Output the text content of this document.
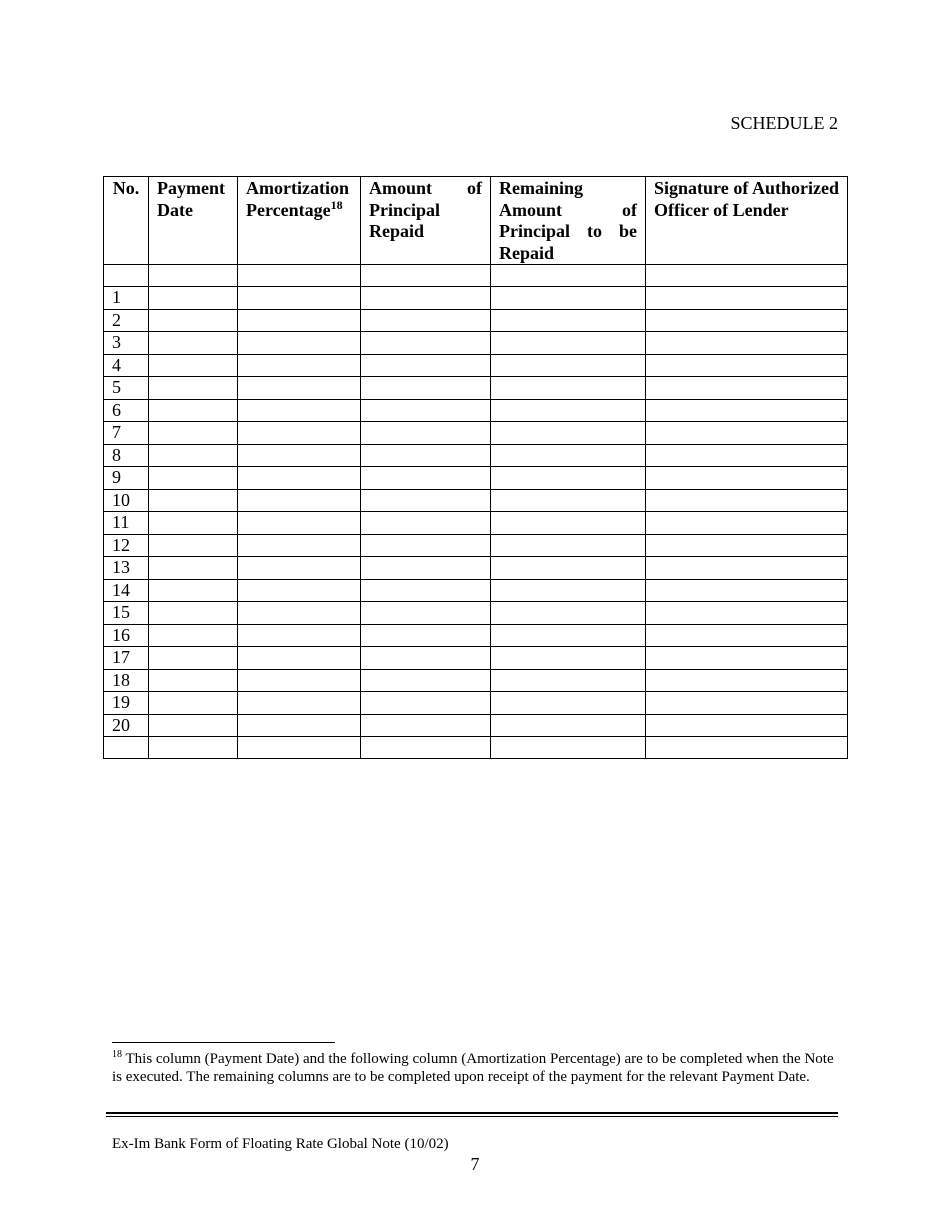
SCHEDULE 2
No.	Payment Date	Amortization Percentage$^{18}$	Amount of Principal Repaid	Remaining Amount of Principal to be Repaid	Signature of Authorized Officer of Lender

1					
2					
3					
4					
5					
6					
7					
8					
9					
10					
11					
12					
13					
14					
15					
16					
17					
18					
19					
20					

$^{18}$ This column (Payment Date) and the following column (Amortization Percentage) are to be completed when the Note is executed. The remaining columns are to be completed upon receipt of the payment for the relevant Payment Date.
Ex-Im Bank Form of Floating Rate Global Note (10/02)
7
